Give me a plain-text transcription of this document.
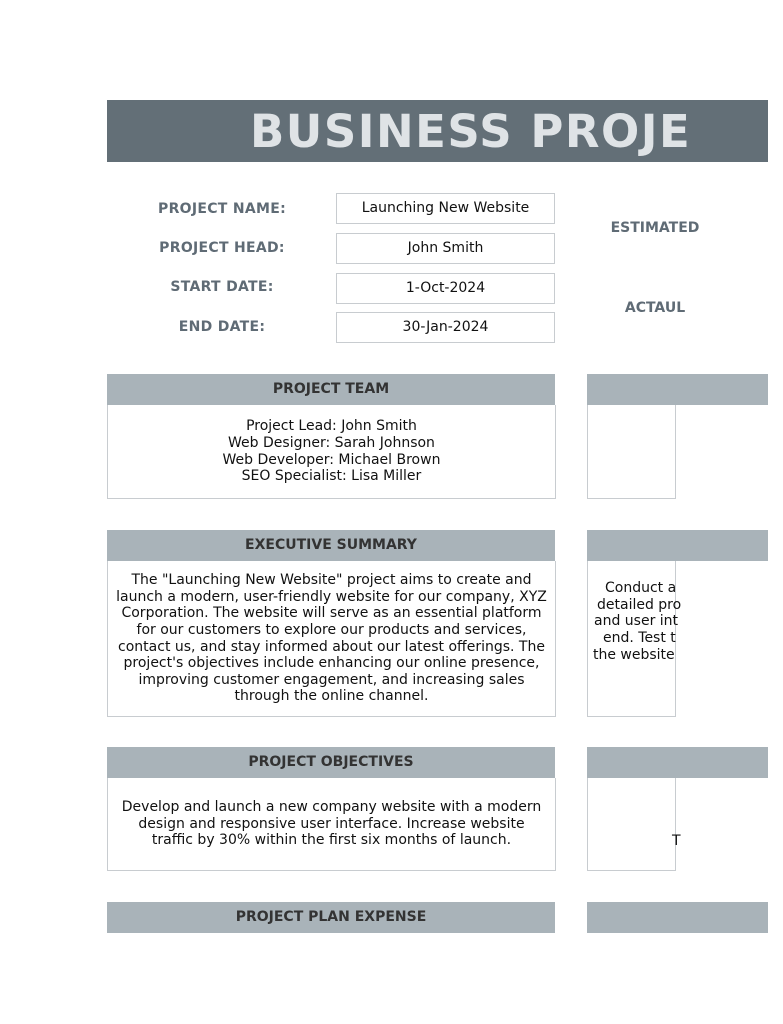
BUSINESS PROJE
PROJECT NAME:	Launching New Website
PROJECT HEAD:	John Smith
START DATE:	1-Oct-2024
END DATE:	30-Jan-2024
ESTIMATED
ACTAUL
PROJECT TEAM
Project Lead: John Smith
Web Designer: Sarah Johnson
Web Developer: Michael Brown
SEO Specialist: Lisa Miller
EXECUTIVE SUMMARY
The "Launching New Website" project aims to create and launch a modern, user-friendly website for our company, XYZ Corporation. The website will serve as an essential platform for our customers to explore our products and services, contact us, and stay informed about our latest offerings. The project's objectives include enhancing our online presence, improving customer engagement, and increasing sales through the online channel.
Conduct a
detailed pro
and user int
end. Test t
the website
PROJECT OBJECTIVES
Develop and launch a new company website with a modern design and responsive user interface. Increase website traffic by 30% within the first six months of launch.	T
PROJECT PLAN EXPENSE
